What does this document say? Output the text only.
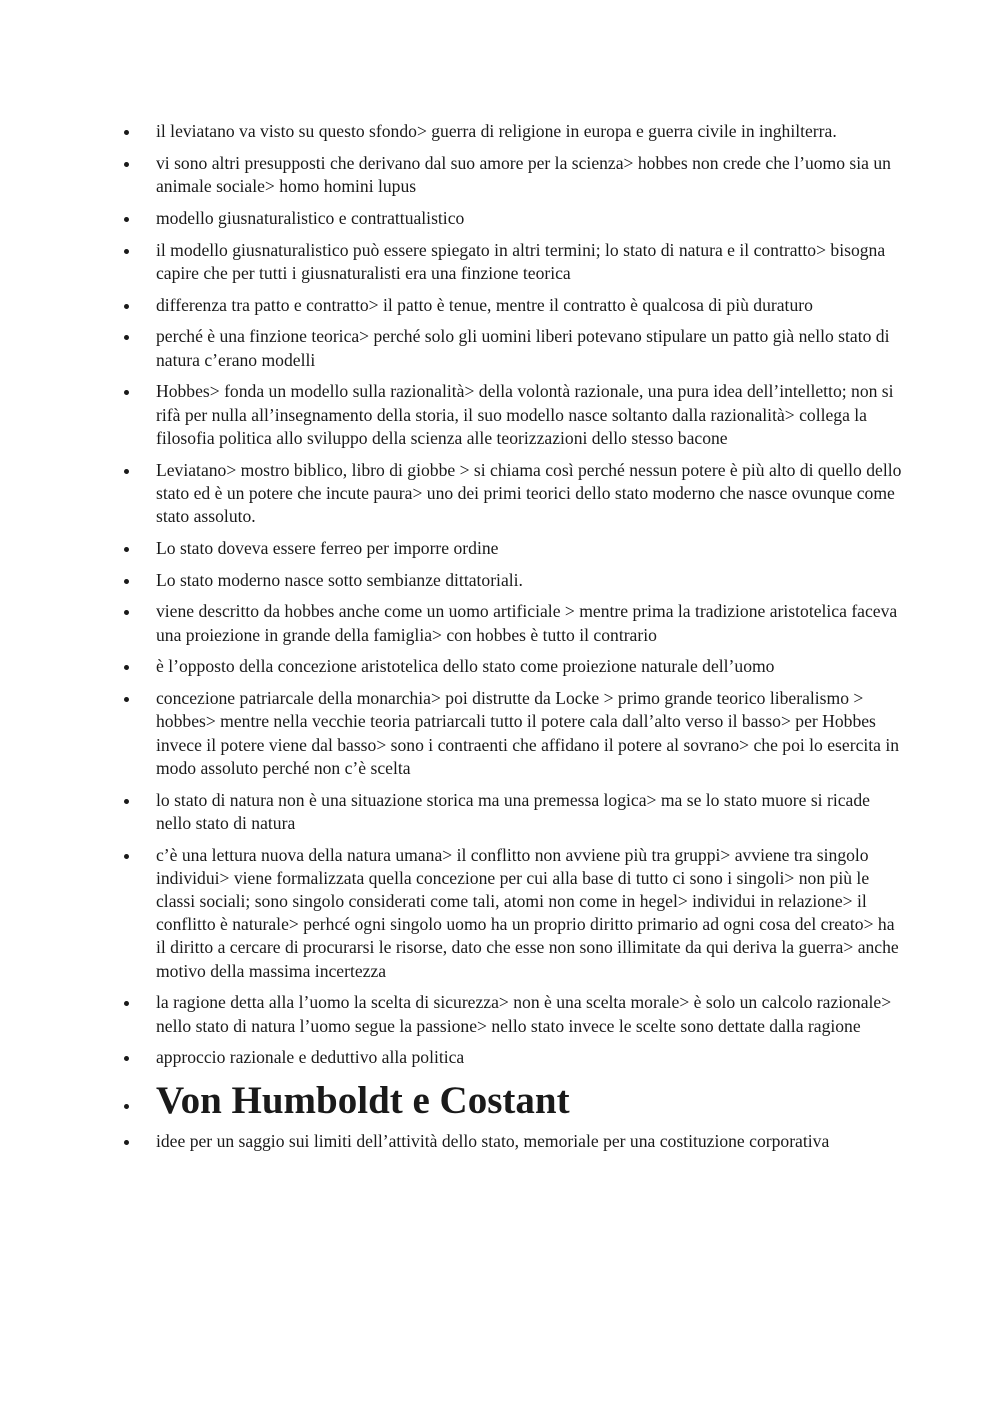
il leviatano va visto su questo sfondo> guerra di religione in europa e guerra civile in inghilterra.
vi sono altri presupposti che derivano dal suo amore per la scienza> hobbes non crede che l’uomo sia un animale sociale> homo homini lupus
modello giusnaturalistico e contrattualistico
il modello giusnaturalistico può essere spiegato in altri termini; lo stato di natura e il contratto> bisogna capire che per tutti i giusnaturalisti era una finzione teorica
differenza tra patto e contratto> il patto è tenue, mentre il contratto è qualcosa di più duraturo
perché è una finzione teorica> perché solo gli uomini liberi potevano stipulare un patto già nello stato di natura c’erano modelli
Hobbes> fonda un modello sulla razionalità> della volontà razionale, una pura idea dell’intelletto; non si rifà per nulla all’insegnamento della storia, il suo modello nasce soltanto dalla razionalità> collega la filosofia politica allo sviluppo della scienza alle teorizzazioni dello stesso bacone
Leviatano> mostro biblico, libro di giobbe > si chiama così perché nessun potere è più alto di quello dello stato ed è un potere che incute paura> uno dei primi teorici dello stato moderno che nasce ovunque come stato assoluto.
Lo stato doveva essere ferreo per imporre ordine
Lo stato moderno nasce sotto sembianze dittatoriali.
viene descritto da hobbes anche come un uomo artificiale > mentre prima la tradizione aristotelica faceva una proiezione in grande della famiglia> con hobbes è tutto il contrario
è l’opposto della concezione aristotelica dello stato come proiezione naturale dell’uomo
concezione patriarcale della monarchia> poi distrutte da Locke > primo grande teorico liberalismo > hobbes> mentre nella vecchie teoria patriarcali tutto il potere cala dall’alto verso il basso> per Hobbes invece il potere viene dal basso> sono i contraenti che affidano il potere al sovrano> che poi lo esercita in modo assoluto perché non c’è scelta
lo stato di natura non è una situazione storica ma una premessa logica> ma se lo stato muore si ricade nello stato di natura
c’è una lettura nuova della natura umana> il conflitto non avviene più tra gruppi> avviene tra singolo individui> viene formalizzata quella concezione per cui alla base di tutto ci sono i singoli> non più le classi sociali; sono singolo considerati come tali, atomi non come in hegel> individui in relazione> il conflitto è naturale> perhcé ogni singolo uomo ha un proprio diritto primario ad ogni cosa del creato> ha il diritto a cercare di procurarsi le risorse, dato che esse non sono illimitate da qui deriva la guerra> anche motivo della massima incertezza
la ragione detta alla l’uomo la scelta di sicurezza> non è una scelta morale> è solo un calcolo razionale> nello stato di natura l’uomo segue la passione> nello stato invece le scelte sono dettate dalla ragione
approccio razionale e deduttivo alla politica
Von Humboldt e Costant
idee per un saggio sui limiti dell’attività dello stato, memoriale per una costituzione corporativa
